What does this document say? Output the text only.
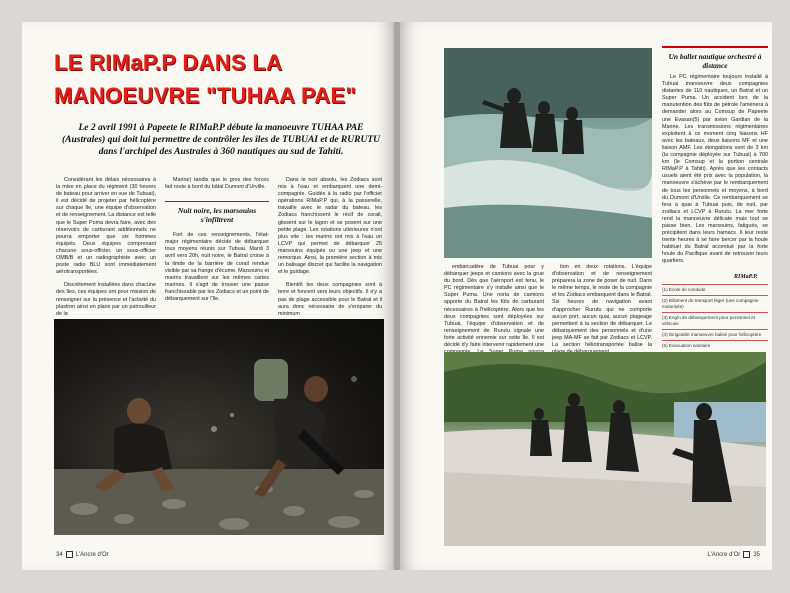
LE RIMaP.P DANS LA
MANOEUVRE "TUHAA PAE"
Le 2 avril 1991 à Papeete le RIMaP.P débute la manoeuvre TUHAA PAE (Australes) qui doit lui permettre de contrôler les îles de TUBUAI et de RURUTU dans l'archipel des Australes à 360 nautiques au sud de Tahiti.

Considérant les délais nécessaires à la mise en place du régiment (30 heures de bateau pour arriver en vue de Tubuai), il est décidé de projeter par hélicoptère sur chaque île, une équipe d'observation et de renseignement. La distance est telle que le Super Puma devra faire, avec des réservoirs de carburant additionnels ne pourra emporter que six hommes équipés. Deux équipes comprenant chacune sous-officier, un sous-officier OMB/B et un radiographiste avec un poste radio BLU sont immédiatement aérotransportées.

Discrètement installées dans chacune des îles, ces équipes ont pour mission de renseigner sur la présence et l'activité du plastron ainsi en place par un patrouilleur de la

Marine) tandis que le gros des forces fait route à bord du bâtal Dumont d'Urville.

Nuit noire, les marsouins s'infiltrent

Fort de ces renseignements, l'état-major régimentaire décide de débarquer tous moyens réunis sur Tubuai. Mardi 3 avril vers 20h, nuit noire, le Batral croise à la limite de la barrière de corail rendue visible par sa frange d'écume. Marsouins et marins travaillent sur les mêmes cartes marines. Il s'agit de trouver une passe franchissable par les Zodiacs et un point de débarquement sur l'île.

Dans le noir absolu, les Zodiacs sont mis à l'eau et embarquent une demi-compagnie. Guidés à la radio par l'officier opérations RIMaP.P qui, à la passerelle, travaille avec le radar du bateau, les Zodiacs franchissent le récif de corail, glissent sur le lagon et se posent sur une petite plage. Les rotations ultérieures n'ont plus vite : les marins ont mis à l'eau un LCVP qui permet de débarquer 25 marsouins équipés ou une jeep et une remorque. Ainsi, la première section à mis un balisage discret qui facilite la navigation et le guidage.

Bientôt les deux compagnies sont à terre et foncent vers leurs objectifs. Il n'y a pas de plage accessible pour le Batral et il aura donc nécessaire de s'emparer du minimum

34 L'Ancre d'Or
Un ballet nautique orchestré à distance

Le PC régimentaire toujours installé à Tubuai manoeuvre deux compagnies distantes de 110 nautiques, un Batral et un Super Puma. Un accident lors de la manutention des fûts de pétrole l'amènera à demander alors au Comsup de Papeete une Evasan(5) par avion Gardian de la Marine. Les transmissions régimentaires exploitent à ce moment cinq liaisons HF avec les bateaux, deux liaisons MF et une liaison AMF. Les élongations vont de 3 km (la compagnie déployée sur Tubuai) à 700 km (le Comsup et la portion centrale RIMaP.P à Tahiti). Après que les contacts usuels aient été pris avec la population, la manoeuvre s'achève par le rembarquement de tous les personnels et moyens, à bord du Dumont d'Urville. Ce rembarquement se fera à quai à Tubuai puis, de nuit, par zodiacs et LCVP à Rurutu. La mer forte rend la manoeuvre délicate mais tout se passe bien. Les marsouins, fatigués, se précipitent dans leurs hamacs. Il leur reste trente heures à se faire bercer par la houle habituel du Batral accentué par la forte houle du Pacifique avant de retrouver leurs quartiers.

RIMaP.P.
(1) Ecole de conduite
(2) Bâtiment de transport léger (une compagnie motorisée)
(3) Engin de débarquement pour personnel et véhicule
(4) Dirigeable manoeuvre balisé pour hélicoptère
(5) Evacuation sanitaire

embarcadère de Tubuai pour y débarquer jeeps et camions avec la grue du bord. Dès que l'aéroport est tenu, le PC régimentaire s'y installe ainsi que le Super Puma. Une noria de camions apporte du Batral les fûts de carburant nécessaires à l'hélicoptère. Alors que les deux compagnies sont déployées sur Tubuai, l'équipe d'observation et de renseignement de Rurutu signale une forte activité ennemie sur cette île. Il est décidé d'y faire intervenir rapidement une

tion en deux rotations. L'équipe d'observation et de renseignement préparera la zone de poser de nuit. Dans le même temps, le reste de la compagnie et les Zodiacs embarquent dans le Batral. Six heures de navigation avant d'approcher Rurutu qui ne comporte aucun port, aucun quai, aucun plageage permettent à la section de débarquer. Le débarquement des personnels et d'une jeep MA-MF se fait par Zodiacs et LCVP. La section héliotransportée balise la

L'Ancre d'Or 35
